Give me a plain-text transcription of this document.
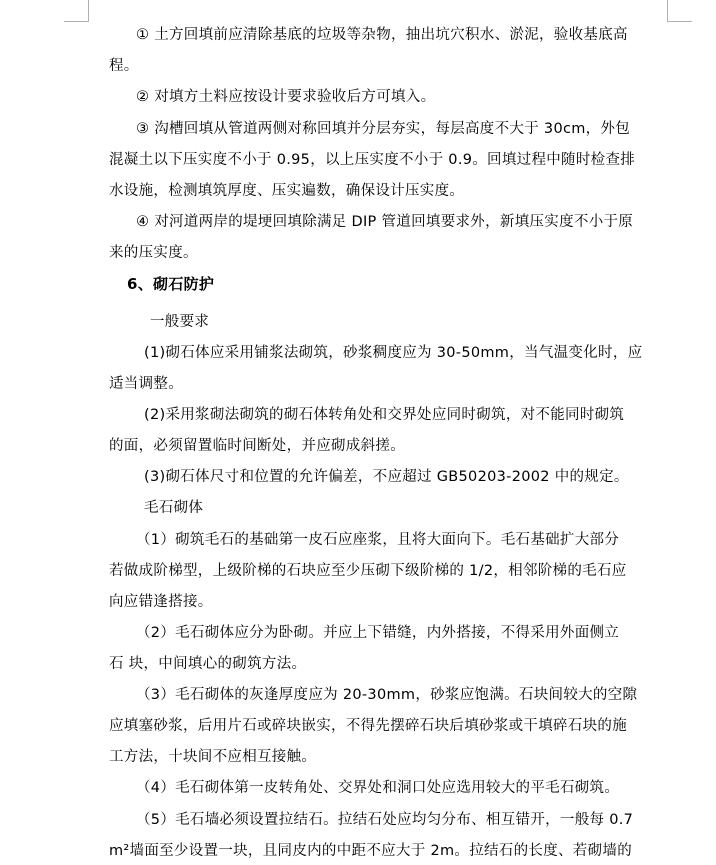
① 土方回填前应清除基底的垃圾等杂物，抽出坑穴积水、淤泥，验收基底高
程。
② 对填方土料应按设计要求验收后方可填入。
③ 沟槽回填从管道两侧对称回填并分层夯实，每层高度不大于 30cm，外包
混凝土以下压实度不小于 0.95，以上压实度不小于 0.9。回填过程中随时检查排
水设施，检测填筑厚度、压实遍数，确保设计压实度。
④ 对河道两岸的堤埂回填除满足 DIP 管道回填要求外，新填压实度不小于原
来的压实度。
6、砌石防护
一般要求
(1)砌石体应采用铺浆法砌筑，砂浆稠度应为 30-50mm，当气温变化时，应
适当调整。
(2)采用浆砌法砌筑的砌石体转角处和交界处应同时砌筑，对不能同时砌筑
的面，必须留置临时间断处，并应砌成斜搓。
(3)砌石体尺寸和位置的允许偏差，不应超过 GB50203-2002 中的规定。
毛石砌体
（1）砌筑毛石的基础第一皮石应座浆，且将大面向下。毛石基础扩大部分
若做成阶梯型，上级阶梯的石块应至少压砌下级阶梯的 1/2，相邻阶梯的毛石应
向应错逢搭接。
（2）毛石砌体应分为卧砌。并应上下错缝，内外搭接，不得采用外面侧立
石 块，中间填心的砌筑方法。
（3）毛石砌体的灰逢厚度应为 20-30mm，砂浆应饱满。石块间较大的空隙
应填塞砂浆，后用片石或碎块嵌实，不得先摆碎石块后填砂浆或干填碎石块的施
工方法，十块间不应相互接触。
（4）毛石砌体第一皮转角处、交界处和洞口处应选用较大的平毛石砌筑。
（5）毛石墙必须设置拉结石。拉结石处应均匀分布、相互错开，一般每 0.7
m²墙面至少设置一块，且同皮内的中距不应大于 2m。拉结石的长度、若砌墙的
